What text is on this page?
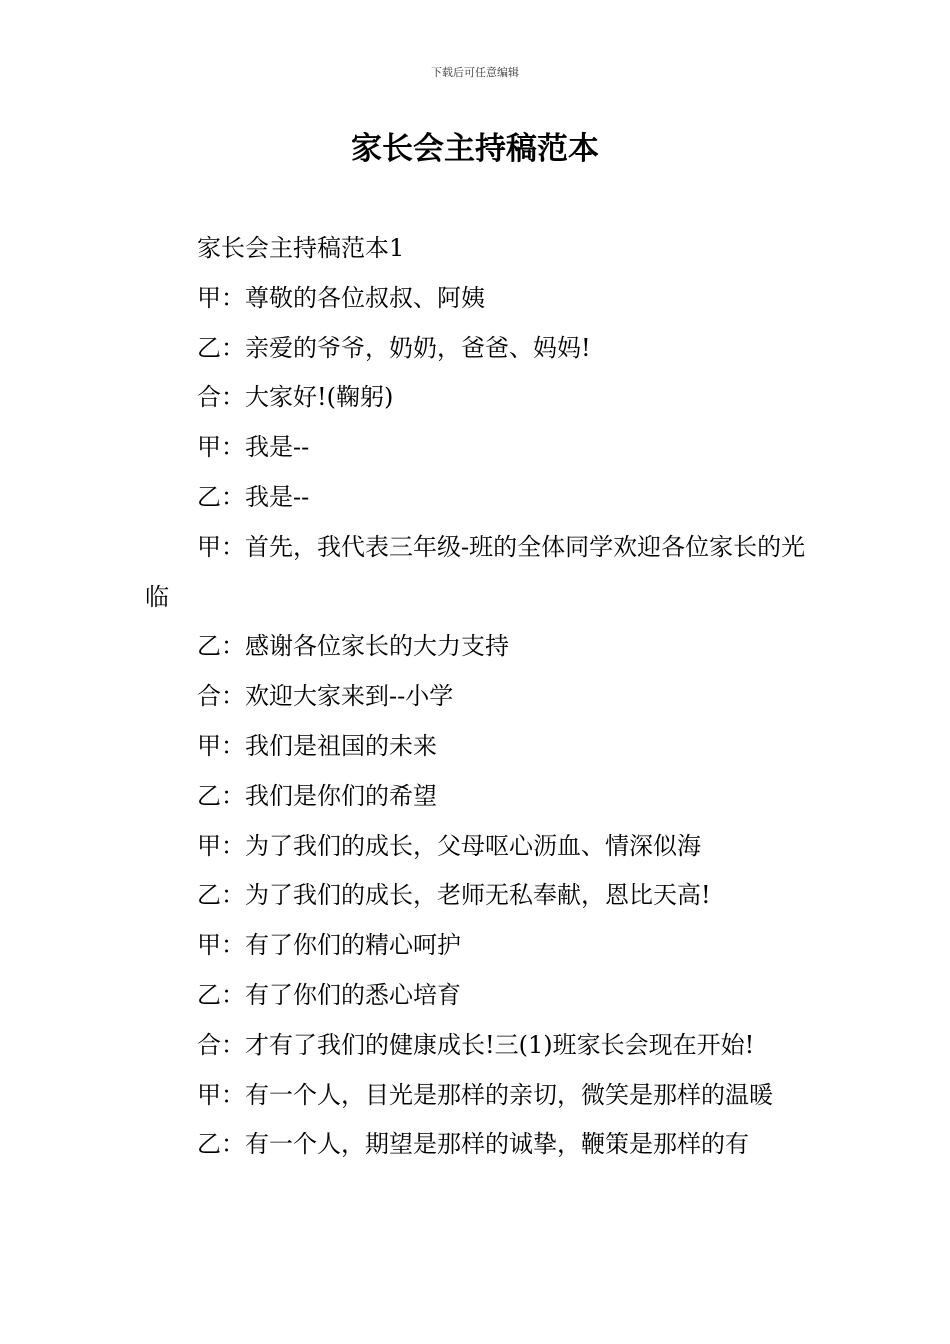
下载后可任意编辑
家长会主持稿范本

家长会主持稿范本1

甲：尊敬的各位叔叔、阿姨

乙：亲爱的爷爷，奶奶，爸爸、妈妈!

合：大家好!(鞠躬)

甲：我是--

乙：我是--

甲：首先，我代表三年级-班的全体同学欢迎各位家长的光临

乙：感谢各位家长的大力支持

合：欢迎大家来到--小学

甲：我们是祖国的未来

乙：我们是你们的希望

甲：为了我们的成长，父母呕心沥血、情深似海

乙：为了我们的成长，老师无私奉献，恩比天高!

甲：有了你们的精心呵护

乙：有了你们的悉心培育

合：才有了我们的健康成长!三(1)班家长会现在开始!

甲：有一个人，目光是那样的亲切，微笑是那样的温暖

乙：有一个人，期望是那样的诚挚，鞭策是那样的有
